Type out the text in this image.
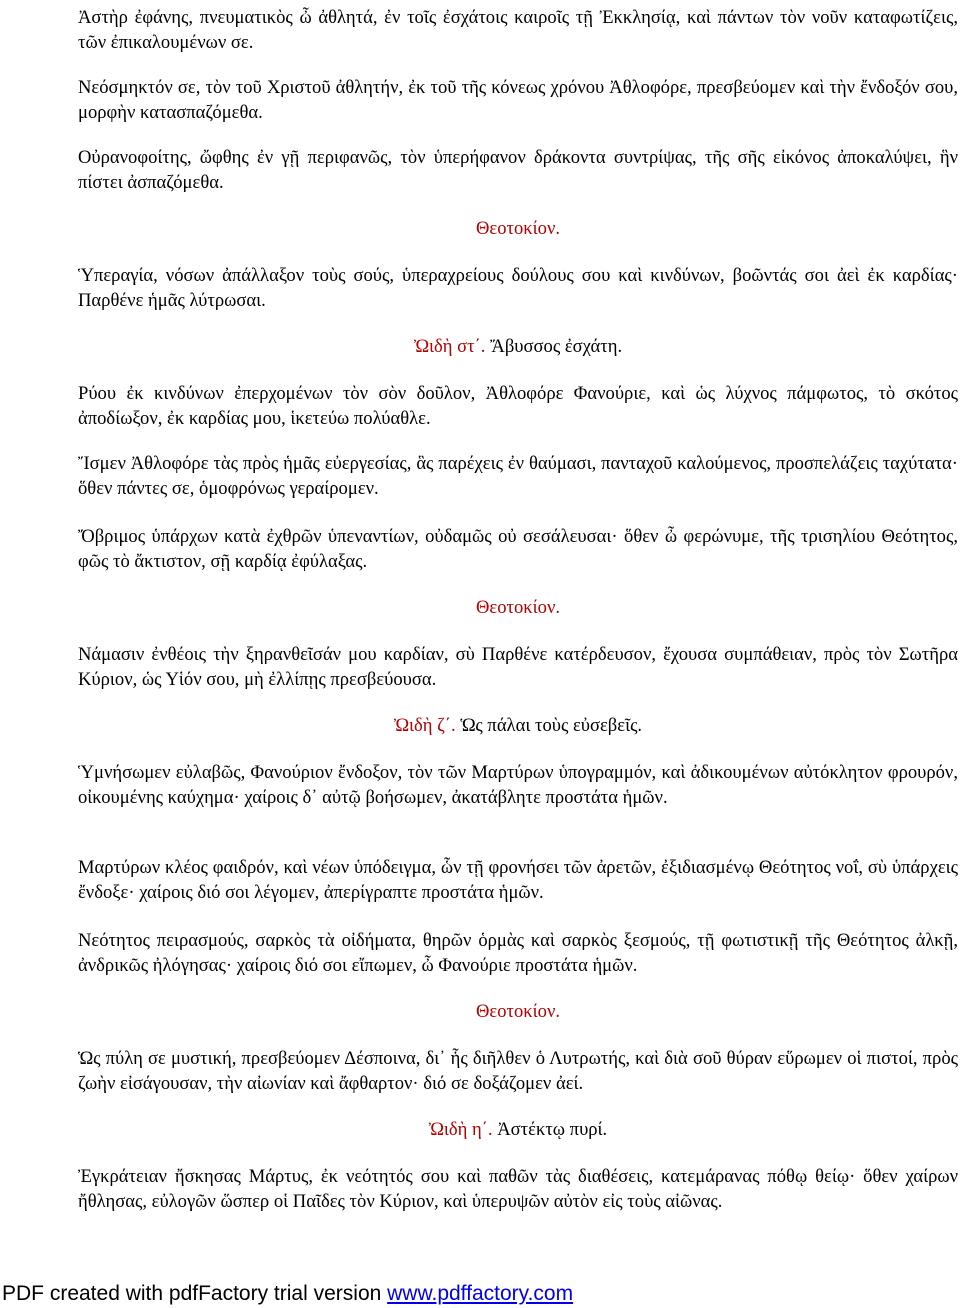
Ἀστὴρ ἐφάνης, πνευματικὸς ὦ ἀθλητά, ἐν τοῖς ἐσχάτοις καιροῖς τῇ Ἐκκλησίᾳ, καὶ πάντων τὸν νοῦν καταφωτίζεις, τῶν ἐπικαλουμένων σε.

Νεόσμηκτόν σε, τὸν τοῦ Χριστοῦ ἀθλητήν, ἐκ τοῦ τῆς κόνεως χρόνου Ἀθλοφόρε, πρεσβεύομεν καὶ τὴν ἔνδοξόν σου, μορφὴν κατασπαζόμεθα.

Οὐρανοφοίτης, ὤφθης ἐν γῇ περιφανῶς, τὸν ὑπερήφανον δράκοντα συντρίψας, τῆς σῆς εἰκόνος ἀποκαλύψει, ἣν πίστει ἀσπαζόμεθα.

Θεοτοκίον.

Ὑπεραγία, νόσων ἀπάλλαξον τοὺς σούς, ὑπεραχρείους δούλους σου καὶ κινδύνων, βοῶντάς σοι ἀεὶ ἐκ καρδίας· Παρθένε ἡμᾶς λύτρωσαι.

Ὠιδὴ στ΄. Ἄβυσσος ἐσχάτη.

Ρύου ἐκ κινδύνων ἐπερχομένων τὸν σὸν δοῦλον, Ἀθλοφόρε Φανούριε, καὶ ὡς λύχνος πάμφωτος, τὸ σκότος ἀποδίωξον, ἐκ καρδίας μου, ἱκετεύω πολύαθλε.

Ἴσμεν Ἀθλοφόρε τὰς πρὸς ἡμᾶς εὐεργεσίας, ἃς παρέχεις ἐν θαύμασι, πανταχοῦ καλούμενος, προσπελάζεις ταχύτατα· ὅθεν πάντες σε, ὁμοφρόνως γεραίρομεν.

Ὄβριμος ὑπάρχων κατὰ ἐχθρῶν ὑπεναντίων, οὐδαμῶς οὐ σεσάλευσαι· ὅθεν ὦ φερώνυμε, τῆς τρισηλίου Θεότητος, φῶς τὸ ἄκτιστον, σῇ καρδίᾳ ἐφύλαξας.

Θεοτοκίον.

Νάμασιν ἐνθέοις τὴν ξηρανθεῖσάν μου καρδίαν, σὺ Παρθένε κατέρδευσον, ἔχουσα συμπάθειαν, πρὸς τὸν Σωτῆρα Κύριον, ὡς Υἱόν σου, μὴ ἐλλίπῃς πρεσβεύουσα.

Ὠιδὴ ζ΄. Ὡς πάλαι τοὺς εὐσεβεῖς.

Ὑμνήσωμεν εὐλαβῶς, Φανούριον ἔνδοξον, τὸν τῶν Μαρτύρων ὑπογραμμόν, καὶ ἀδικουμένων αὐτόκλητον φρουρόν, οἰκουμένης καύχημα· χαίροις δ᾽ αὐτῷ βοήσωμεν, ἀκατάβλητε προστάτα ἡμῶν.

Μαρτύρων κλέος φαιδρόν, καὶ νέων ὑπόδειγμα, ὧν τῇ φρονήσει τῶν ἀρετῶν, ἐξιδιασμένῳ Θεότητος νοΐ, σὺ ὑπάρχεις ἔνδοξε· χαίροις διό σοι λέγομεν, ἀπερίγραπτε προστάτα ἡμῶν.

Νεότητος πειρασμούς, σαρκὸς τὰ οἰδήματα, θηρῶν ὁρμὰς καὶ σαρκὸς ξεσμούς, τῇ φωτιστικῇ τῆς Θεότητος ἀλκῇ, ἀνδρικῶς ἠλόγησας· χαίροις διό σοι εἴπωμεν, ὦ Φανούριε προστάτα ἡμῶν.

Θεοτοκίον.

Ὡς πύλη σε μυστική, πρεσβεύομεν Δέσποινα, δι᾽ ἧς διῆλθεν ὁ Λυτρωτής, καὶ διὰ σοῦ θύραν εὕρωμεν οἱ πιστοί, πρὸς ζωὴν εἰσάγουσαν, τὴν αἰωνίαν καὶ ἄφθαρτον· διό σε δοξάζομεν ἀεί.

Ὠιδὴ η΄. Ἀστέκτῳ πυρί.

Ἐγκράτειαν ἤσκησας Μάρτυς, ἐκ νεότητός σου καὶ παθῶν τὰς διαθέσεις, κατεμάρανας πόθῳ θείῳ· ὅθεν χαίρων ἤθλησας, εὐλογῶν ὥσπερ οἱ Παῖδες τὸν Κύριον, καὶ ὑπερυψῶν αὐτὸν εἰς τοὺς αἰῶνας.

PDF created with pdfFactory trial version www.pdffactory.com
